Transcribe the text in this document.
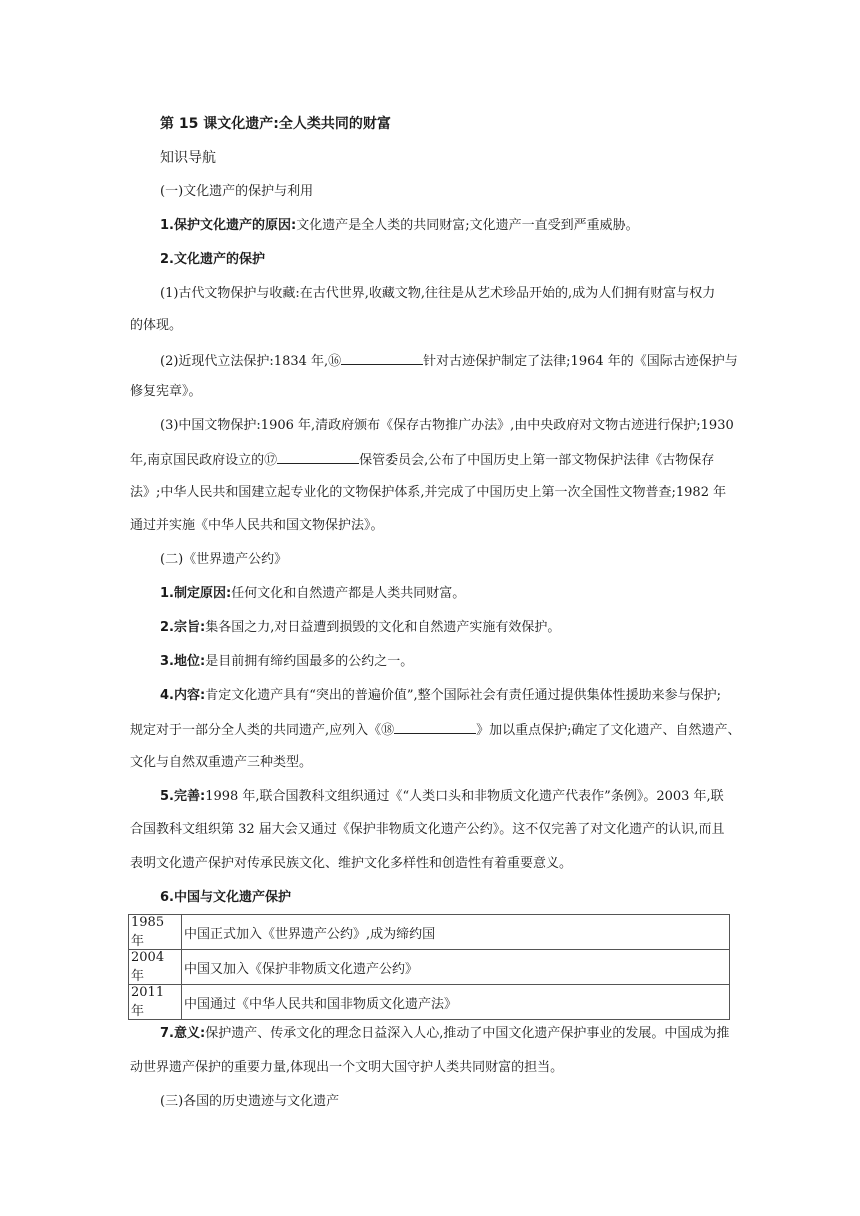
第 15 课文化遗产:全人类共同的财富
知识导航
(一)文化遗产的保护与利用
1.保护文化遗产的原因:文化遗产是全人类的共同财富;文化遗产一直受到严重威胁。
2.文化遗产的保护
(1)古代文物保护与收藏:在古代世界,收藏文物,往往是从艺术珍品开始的,成为人们拥有财富与权力
的体现。
(2)近现代立法保护:1834 年,⑯	针对古迹保护制定了法律;1964 年的《国际古迹保护与
修复宪章》。
(3)中国文物保护:1906 年,清政府颁布《保存古物推广办法》,由中央政府对文物古迹进行保护;1930
年,南京国民政府设立的⑰	保管委员会,公布了中国历史上第一部文物保护法律《古物保存
法》;中华人民共和国建立起专业化的文物保护体系,并完成了中国历史上第一次全国性文物普查;1982 年
通过并实施《中华人民共和国文物保护法》。
(二)《世界遗产公约》
1.制定原因:任何文化和自然遗产都是人类共同财富。
2.宗旨:集各国之力,对日益遭到损毁的文化和自然遗产实施有效保护。
3.地位:是目前拥有缔约国最多的公约之一。
4.内容:肯定文化遗产具有“突出的普遍价值”,整个国际社会有责任通过提供集体性援助来参与保护;
规定对于一部分全人类的共同遗产,应列入《⑱	》加以重点保护;确定了文化遗产、自然遗产、
文化与自然双重遗产三种类型。
5.完善:1998 年,联合国教科文组织通过《“人类口头和非物质文化遗产代表作”条例》。2003 年,联
合国教科文组织第 32 届大会又通过《保护非物质文化遗产公约》。这不仅完善了对文化遗产的认识,而且
表明文化遗产保护对传承民族文化、维护文化多样性和创造性有着重要意义。
6.中国与文化遗产保护
1985 年	中国正式加入《世界遗产公约》,成为缔约国
2004 年	中国又加入《保护非物质文化遗产公约》
2011 年	中国通过《中华人民共和国非物质文化遗产法》
7.意义:保护遗产、传承文化的理念日益深入人心,推动了中国文化遗产保护事业的发展。中国成为推
动世界遗产保护的重要力量,体现出一个文明大国守护人类共同财富的担当。
(三)各国的历史遗迹与文化遗产
